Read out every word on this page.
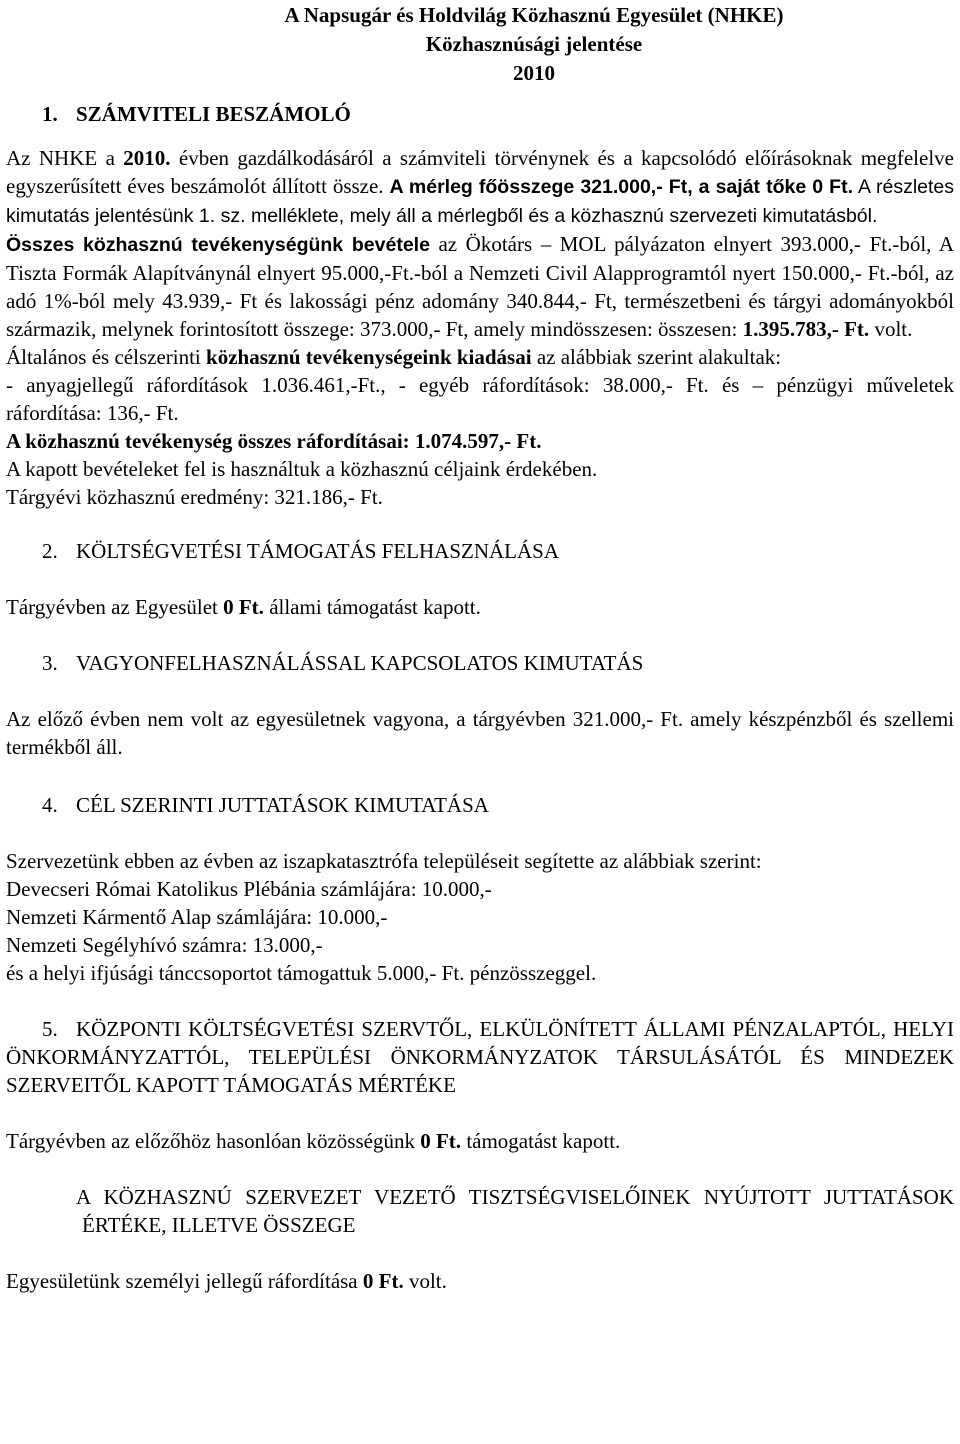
A Napsugár és Holdvilág Közhasznú Egyesület (NHKE)
Közhasznúsági jelentése
2010
1. SZÁMVITELI BESZÁMOLÓ

Az NHKE a 2010. évben gazdálkodásáról a számviteli törvénynek és a kapcsolódó előírásoknak megfelelve egyszerűsített éves beszámolót állított össze. A mérleg főösszege 321.000,- Ft, a saját tőke 0 Ft. A részletes kimutatás jelentésünk 1. sz. melléklete, mely áll a mérlegből és a közhasznú szervezeti kimutatásból.

Összes közhasznú tevékenységünk bevétele az Ökotárs – MOL pályázaton elnyert 393.000,- Ft.-ból, A Tiszta Formák Alapítványnál elnyert 95.000,-Ft.-ból a Nemzeti Civil Alapprogramtól nyert 150.000,- Ft.-ból, az adó 1%-ból mely 43.939,- Ft és lakossági pénz adomány 340.844,- Ft, természetbeni és tárgyi adományokból származik, melynek forintosított összege: 373.000,- Ft, amely mindösszesen: összesen: 1.395.783,- Ft. volt.

Általános és célszerinti közhasznú tevékenységeink kiadásai az alábbiak szerint alakultak:

- anyagjellegű ráfordítások 1.036.461,-Ft., - egyéb ráfordítások: 38.000,- Ft. és – pénzügyi műveletek ráfordítása: 136,- Ft.

A közhasznú tevékenység összes ráfordításai: 1.074.597,- Ft.

A kapott bevételeket fel is használtuk a közhasznú céljaink érdekében.

Tárgyévi közhasznú eredmény: 321.186,- Ft.

2. KÖLTSÉGVETÉSI TÁMOGATÁS FELHASZNÁLÁSA

Tárgyévben az Egyesület 0 Ft. állami támogatást kapott.

3. VAGYONFELHASZNÁLÁSSAL KAPCSOLATOS KIMUTATÁS

Az előző évben nem volt az egyesületnek vagyona, a tárgyévben 321.000,- Ft. amely készpénzből és szellemi termékből áll.

4. CÉL SZERINTI JUTTATÁSOK KIMUTATÁSA

Szervezetünk ebben az évben az iszapkatasztrófa településeit segítette az alábbiak szerint:

Devecseri Római Katolikus Plébánia számlájára: 10.000,-

Nemzeti Kármentő Alap számlájára: 10.000,-

Nemzeti Segélyhívó számra: 13.000,-

és a helyi ifjúsági tánccsoportot támogattuk 5.000,- Ft. pénzösszeggel.

5. KÖZPONTI KÖLTSÉGVETÉSI SZERVTŐL, ELKÜLÖNÍTETT ÁLLAMI PÉNZALAPTÓL, HELYI ÖNKORMÁNYZATTÓL, TELEPÜLÉSI ÖNKORMÁNYZATOK TÁRSULÁSÁTÓL ÉS MINDEZEK SZERVEITŐL KAPOTT TÁMOGATÁS MÉRTÉKE

Tárgyévben az előzőhöz hasonlóan közösségünk 0 Ft. támogatást kapott.

A KÖZHASZNÚ SZERVEZET VEZETŐ TISZTSÉGVISELŐINEK NYÚJTOTT JUTTATÁSOK ÉRTÉKE, ILLETVE ÖSSZEGE

Egyesületünk személyi jellegű ráfordítása 0 Ft. volt.
